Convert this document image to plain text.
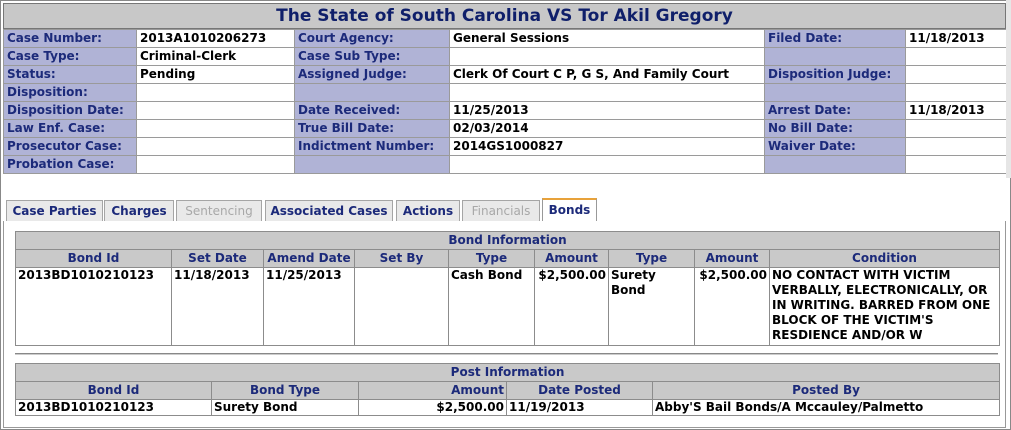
The State of South Carolina VS Tor Akil Gregory
Case Number:	2013A1010206273	Court Agency:	General Sessions	Filed Date:	11/18/2013
Case Type:	Criminal-Clerk	Case Sub Type:			
Status:	Pending	Assigned Judge:	Clerk Of Court C P, G S, And Family Court	Disposition Judge:	
Disposition:					
Disposition Date:		Date Received:	11/25/2013	Arrest Date:	11/18/2013
Law Enf. Case:		True Bill Date:	02/03/2014	No Bill Date:	
Prosecutor Case:		Indictment Number:	2014GS1000827	Waiver Date:	
Probation Case:					
Case Parties	Charges	Sentencing	Associated Cases	Actions	Financials	Bonds
Bond Information								
Bond Id	Set Date	Amend Date	Set By	Type	Amount	Type	Amount	Condition
2013BD1010210123	11/18/2013	11/25/2013		Cash Bond	$2,500.00	Surety Bond	$2,500.00	NO CONTACT WITH VICTIM VERBALLY, ELECTRONICALLY, OR IN WRITING. BARRED FROM ONE BLOCK OF THE VICTIM'S RESDIENCE AND/OR W
Post Information				
Bond Id	Bond Type	Amount	Date Posted	Posted By
2013BD1010210123	Surety Bond	$2,500.00	11/19/2013	Abby'S Bail Bonds/A Mccauley/Palmetto
